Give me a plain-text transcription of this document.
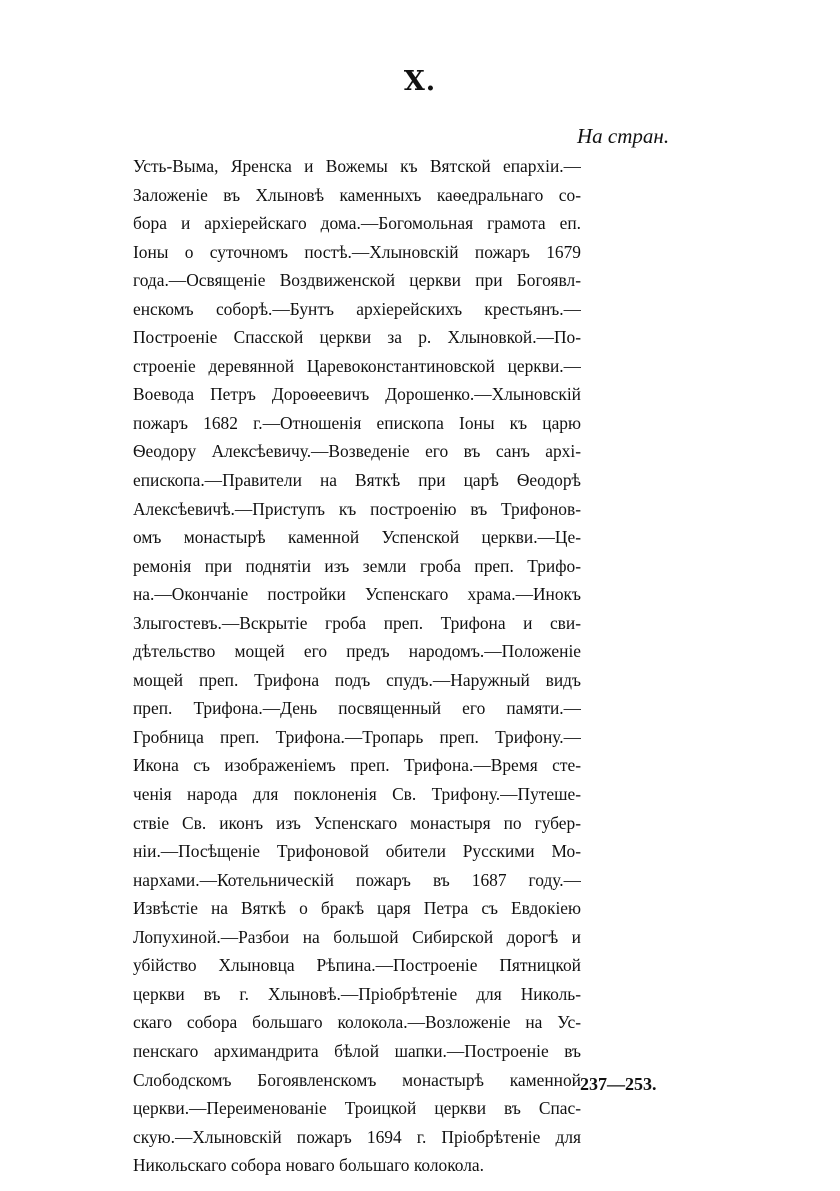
X.
На стран.
Усть-Выма, Яренска и Вожемы къ Вятской епархіи.—
Заложеніе въ Хлыновѣ каменныхъ каѳедральнаго со-
бора и архіерейскаго дома.—Богомольная грамота еп.
Іоны о суточномъ постѣ.—Хлыновскій пожаръ 1679
года.—Освященіе Воздвиженской церкви при Богоявл-
енскомъ соборѣ.—Бунтъ архіерейскихъ крестьянъ.—
Построеніе Спасской церкви за р. Хлыновкой.—По-
строеніе деревянной Царевоконстантиновской церкви.—
Воевода Петръ Дороѳеевичъ Дорошенко.—Хлыновскій
пожаръ 1682 г.—Отношенія епископа Іоны къ царю
Ѳеодору Алексѣевичу.—Возведеніе его въ санъ архі-
епископа.—Правители на Вяткѣ при царѣ Ѳеодорѣ
Алексѣевичѣ.—Приступъ къ построенію въ Трифонов-
омъ монастырѣ каменной Успенской церкви.—Це-
ремонія при поднятіи изъ земли гроба преп. Трифо-
на.—Окончаніе постройки Успенскаго храма.—Инокъ
Злыгостевъ.—Вскрытіе гроба преп. Трифона и сви-
дѣтельство мощей его предъ народомъ.—Положеніе
мощей преп. Трифона подъ спудъ.—Наружный видъ
преп. Трифона.—День посвященный его памяти.—
Гробница преп. Трифона.—Тропарь преп. Трифону.—
Икона съ изображеніемъ преп. Трифона.—Время сте-
ченія народа для поклоненія Св. Трифону.—Путеше-
ствіе Св. иконъ изъ Успенскаго монастыря по губер-
ніи.—Посѣщеніе Трифоновой обители Русскими Мо-
нархами.—Котельническій пожаръ въ 1687 году.—
Извѣстіе на Вяткѣ о бракѣ царя Петра съ Евдокіею
Лопухиной.—Разбои на большой Сибирской дорогѣ и
убійство Хлыновца Рѣпина.—Построеніе Пятницкой
церкви въ г. Хлыновѣ.—Пріобрѣтеніе для Николь-
скаго собора большаго колокола.—Возложеніе на Ус-
пенскаго архимандрита бѣлой шапки.—Построеніе въ
Слободскомъ Богоявленскомъ монастырѣ каменной
церкви.—Переименованіе Троицкой церкви въ Спас-
скую.—Хлыновскій пожаръ 1694 г. Пріобрѣтеніе для
Никольскаго собора новаго большаго колокола.
237—253.
